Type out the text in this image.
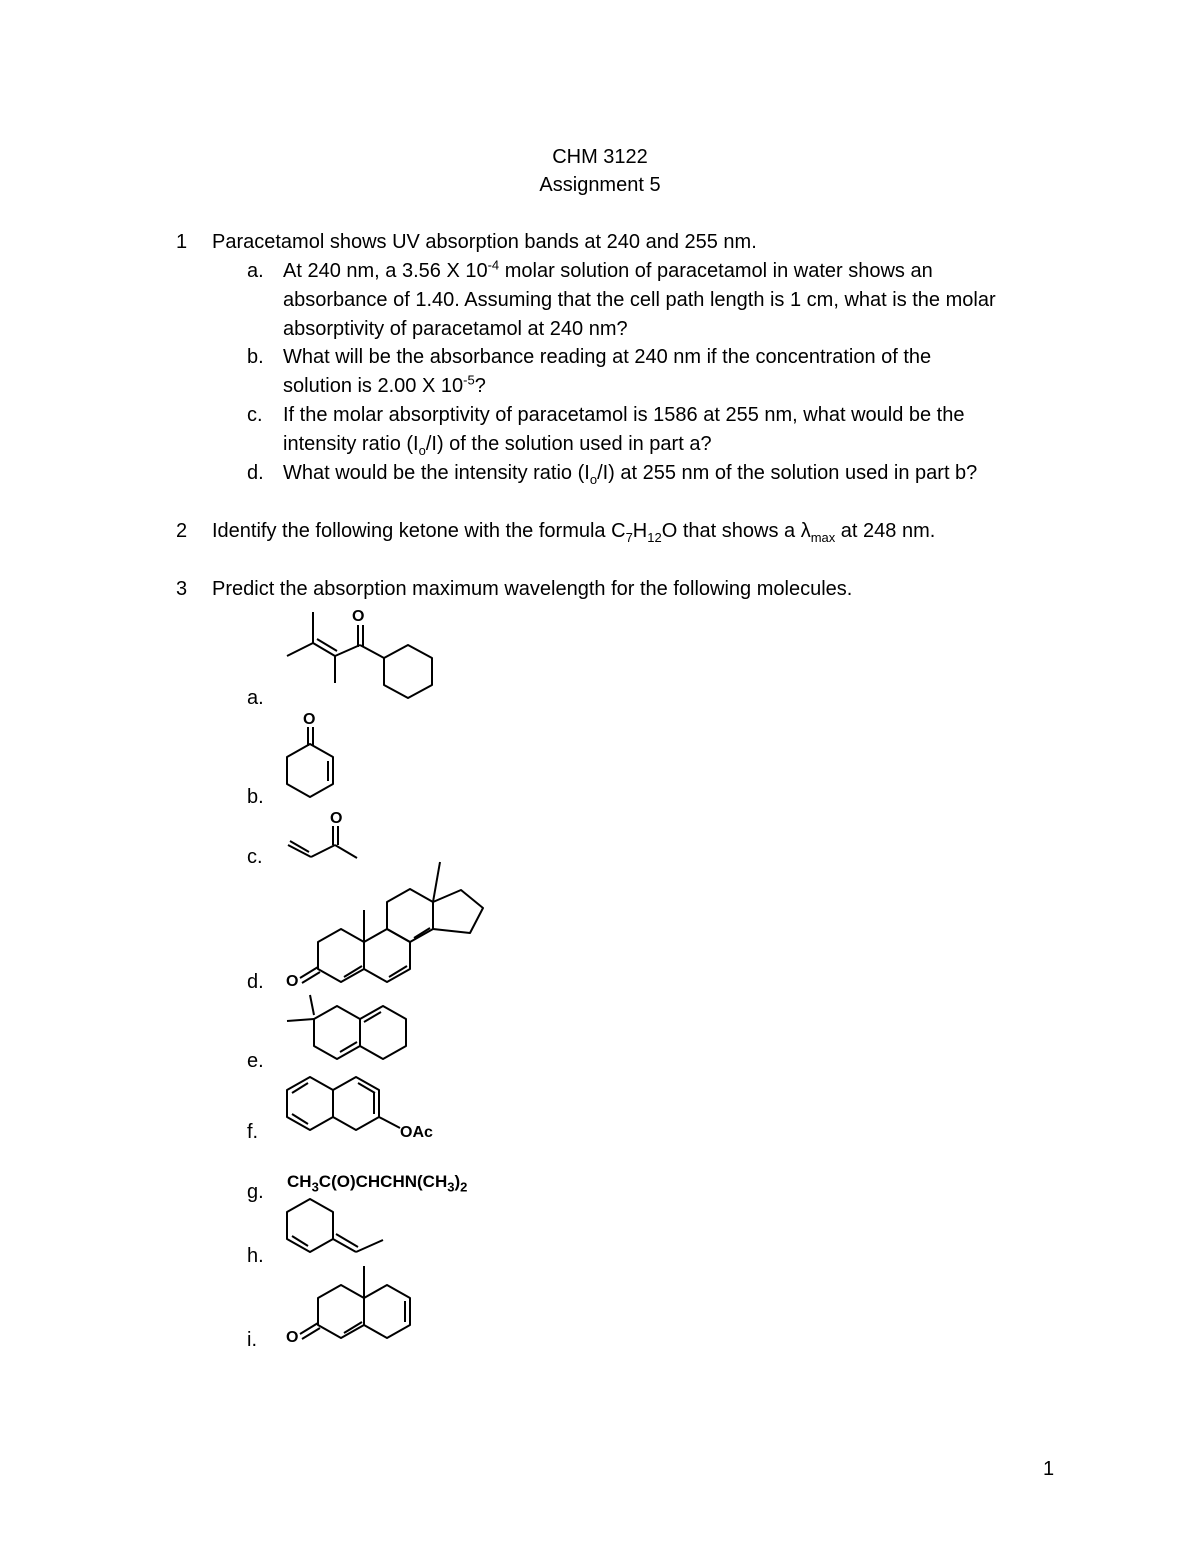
CHM 3122
Assignment 5
1 Paracetamol shows UV absorption bands at 240 and 255 nm.
a. At 240 nm, a 3.56 X $10^{-4}$ molar solution of paracetamol in water shows an
absorbance of 1.40. Assuming that the cell path length is 1 cm, what is the molar
absorptivity of paracetamol at 240 nm?
b. What will be the absorbance reading at 240 nm if the concentration of the
solution is 2.00 X $10^{-5}$?
c. If the molar absorptivity of paracetamol is 1586 at 255 nm, what would be the
intensity ratio $(I_o/I)$ of the solution used in part a?
d. What would be the intensity ratio $(I_o/I)$ at 255 nm of the solution used in part b?
2 Identify the following ketone with the formula $C_7H_{12}O$ that shows a $\lambda_{max}$ at 248 nm.
3 Predict the absorption maximum wavelength for the following molecules.
a.
b.
c.
d.
e.
f.
g.
h.
i.
O
O
O
O
OAc
O
$CH_3C(O)CHCHN(CH_3)_2$
1
